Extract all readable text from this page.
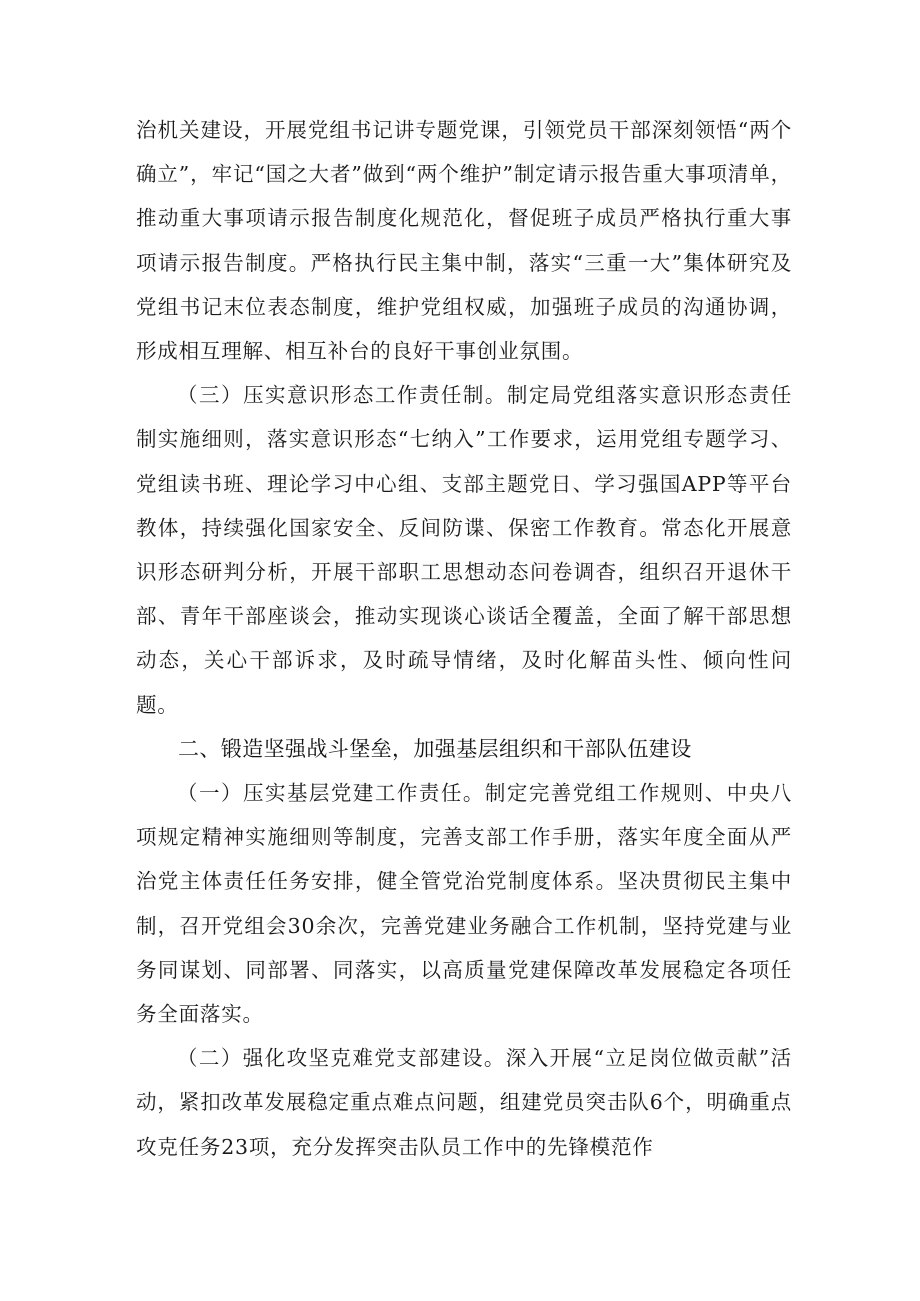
治机关建设，开展党组书记讲专题党课，引领党员干部深刻领悟“两个确立”，牢记“国之大者”做到“两个维护”制定请示报告重大事项清单，推动重大事项请示报告制度化规范化，督促班子成员严格执行重大事项请示报告制度。严格执行民主集中制，落实“三重一大”集体研究及党组书记末位表态制度，维护党组权威，加强班子成员的沟通协调，形成相互理解、相互补台的良好干事创业氛围。

（三）压实意识形态工作责任制。制定局党组落实意识形态责任制实施细则，落实意识形态“七纳入”工作要求，运用党组专题学习、党组读书班、理论学习中心组、支部主题党日、学习强国APP等平台教体，持续强化国家安全、反间防谍、保密工作教育。常态化开展意识形态研判分析，开展干部职工思想动态问卷调杳，组织召开退休干部、青年干部座谈会，推动实现谈心谈话全覆盖，全面了解干部思想动态，关心干部诉求，及时疏导情绪，及时化解苗头性、倾向性问题。

二、锻造坚强战斗堡垒，加强基层组织和干部队伍建设

（一）压实基层党建工作责任。制定完善党组工作规则、中央八项规定精神实施细则等制度，完善支部工作手册，落实年度全面从严治党主体责任任务安排，健全管党治党制度体系。坚决贯彻民主集中制，召开党组会30余次，完善党建业务融合工作机制，坚持党建与业务同谋划、同部署、同落实，以高质量党建保障改革发展稳定各项任务全面落实。

（二）强化攻坚克难党支部建设。深入开展“立足岗位做贡献”活动，紧扣改革发展稳定重点难点问题，组建党员突击队6个，明确重点攻克任务23项，充分发挥突击队员工作中的先锋模范作
